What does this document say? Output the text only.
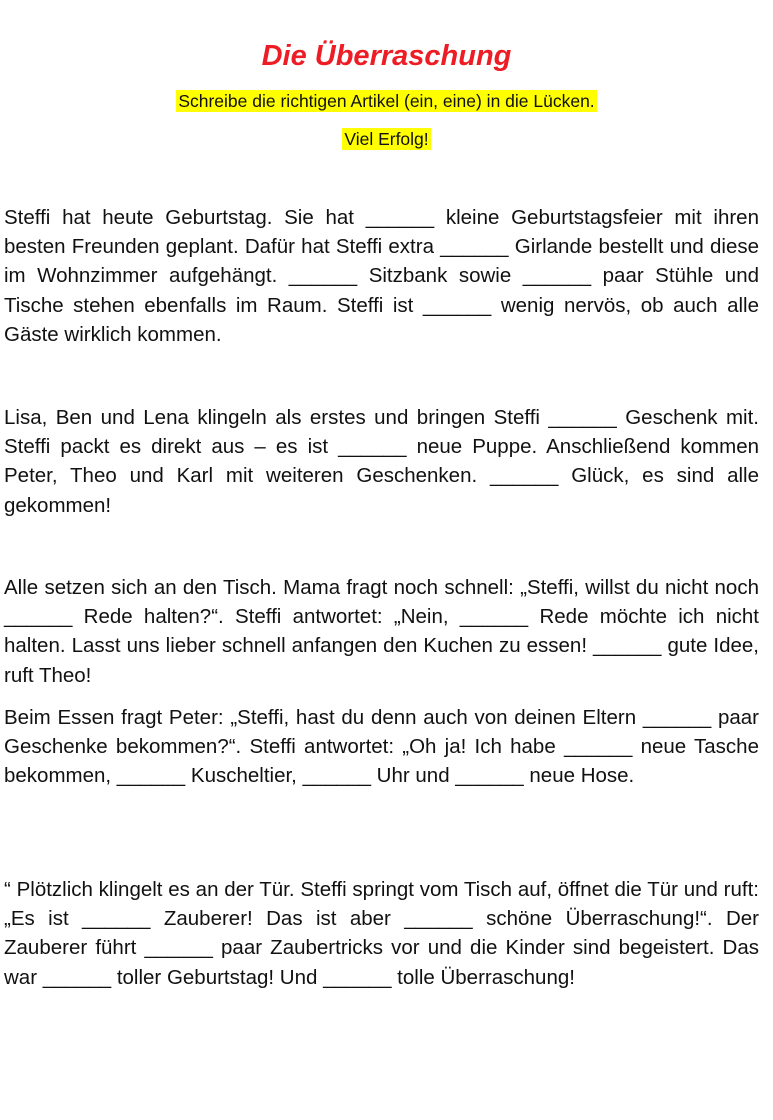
Die Überraschung
Schreibe die richtigen Artikel (ein, eine) in die Lücken.
Viel Erfolg!

Steffi hat heute Geburtstag. Sie hat ______ kleine Geburtstagsfeier mit ihren besten Freunden geplant. Dafür hat Steffi extra ______ Girlande bestellt und diese im Wohnzimmer aufgehängt. ______ Sitzbank sowie ______ paar Stühle und Tische stehen ebenfalls im Raum. Steffi ist ______ wenig nervös, ob auch alle Gäste wirklich kommen.

Lisa, Ben und Lena klingeln als erstes und bringen Steffi ______ Geschenk mit. Steffi packt es direkt aus – es ist ______ neue Puppe. Anschließend kommen Peter, Theo und Karl mit weiteren Geschenken. ______ Glück, es sind alle gekommen!

Alle setzen sich an den Tisch. Mama fragt noch schnell: „Steffi, willst du nicht noch ______ Rede halten?“. Steffi antwortet: „Nein, ______ Rede möchte ich nicht halten. Lasst uns lieber schnell anfangen den Kuchen zu essen! ______ gute Idee, ruft Theo!

Beim Essen fragt Peter: „Steffi, hast du denn auch von deinen Eltern ______ paar Geschenke bekommen?“. Steffi antwortet: „Oh ja! Ich habe ______ neue Tasche bekommen, ______ Kuscheltier, ______ Uhr und ______ neue Hose.

“ Plötzlich klingelt es an der Tür. Steffi springt vom Tisch auf, öffnet die Tür und ruft: „Es ist ______ Zauberer! Das ist aber ______ schöne Überraschung!“. Der Zauberer führt ______ paar Zaubertricks vor und die Kinder sind begeistert. Das war ______ toller Geburtstag! Und ______ tolle Überraschung!
